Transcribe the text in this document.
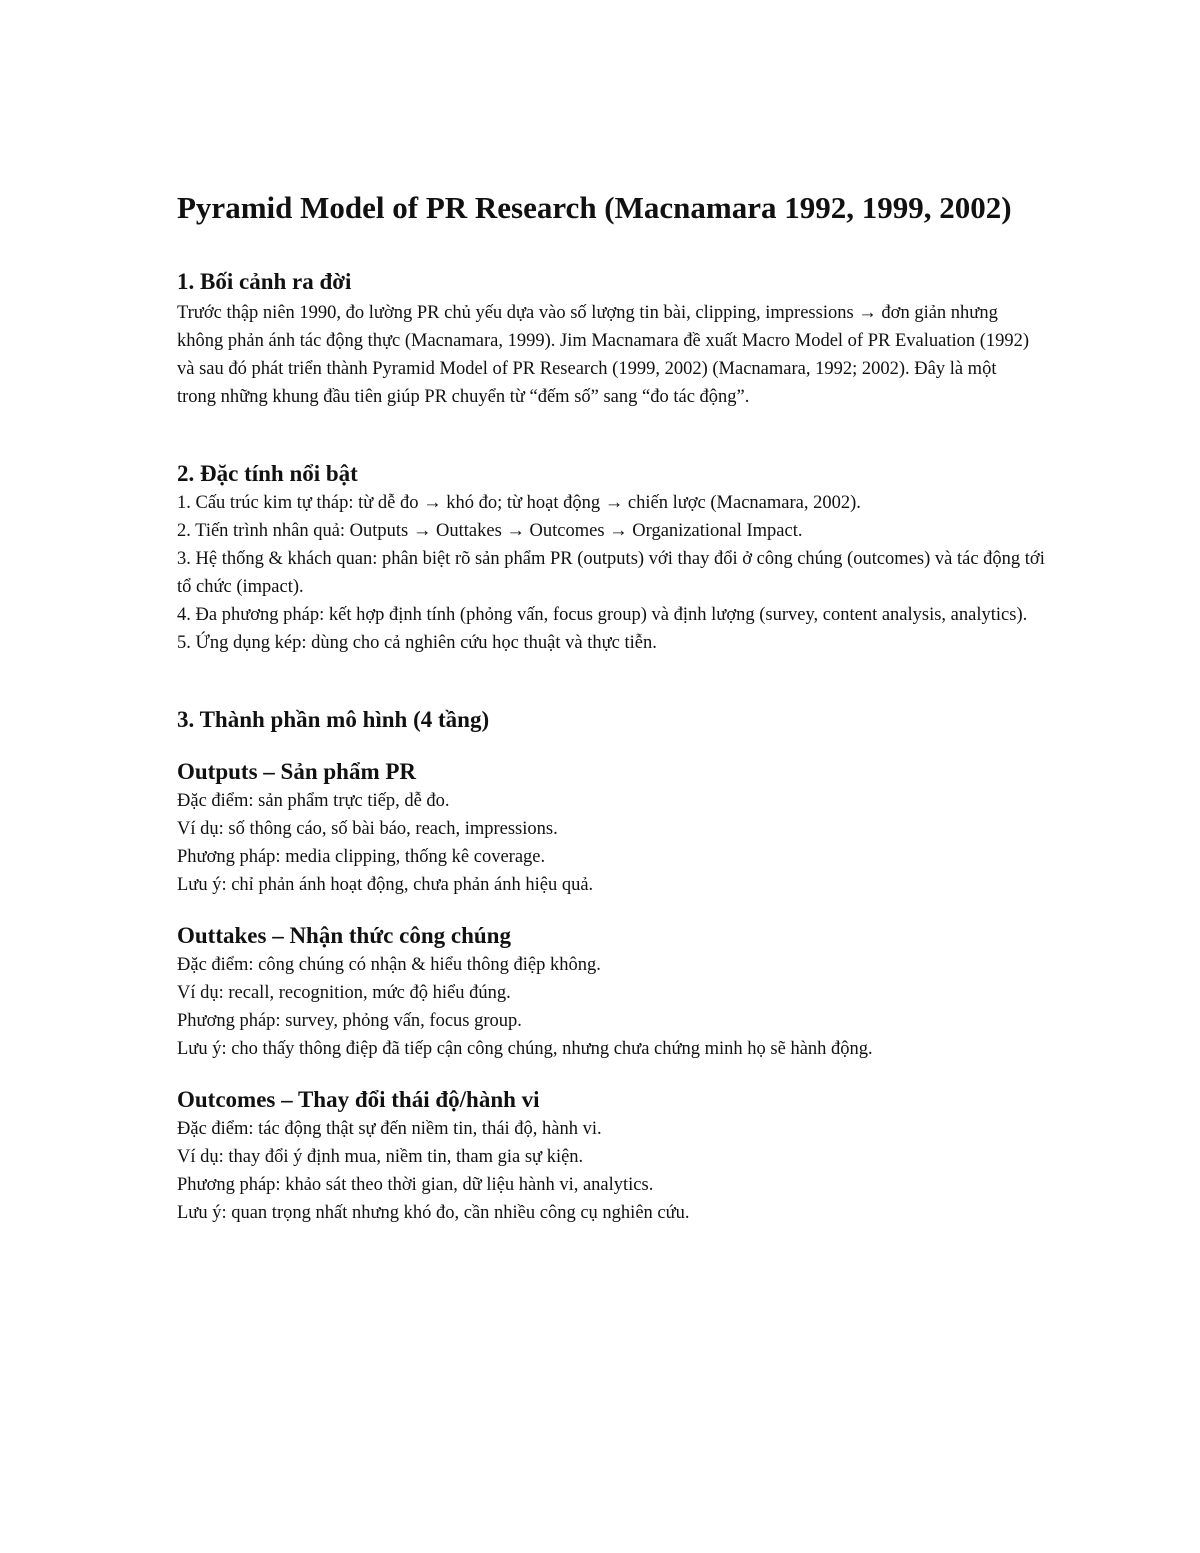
Pyramid Model of PR Research (Macnamara 1992, 1999, 2002)
1. Bối cảnh ra đời

Trước thập niên 1990, đo lường PR chủ yếu dựa vào số lượng tin bài, clipping, impressions → đơn giản nhưng không phản ánh tác động thực (Macnamara, 1999). Jim Macnamara đề xuất Macro Model of PR Evaluation (1992) và sau đó phát triển thành Pyramid Model of PR Research (1999, 2002) (Macnamara, 1992; 2002). Đây là một trong những khung đầu tiên giúp PR chuyển từ “đếm số” sang “đo tác động”.

2. Đặc tính nổi bật

1. Cấu trúc kim tự tháp: từ dễ đo → khó đo; từ hoạt động → chiến lược (Macnamara, 2002).

2. Tiến trình nhân quả: Outputs → Outtakes → Outcomes → Organizational Impact.

3. Hệ thống & khách quan: phân biệt rõ sản phẩm PR (outputs) với thay đổi ở công chúng (outcomes) và tác động tới tổ chức (impact).

4. Đa phương pháp: kết hợp định tính (phỏng vấn, focus group) và định lượng (survey, content analysis, analytics).

5. Ứng dụng kép: dùng cho cả nghiên cứu học thuật và thực tiễn.

3. Thành phần mô hình (4 tầng)
Outputs – Sản phẩm PR

Đặc điểm: sản phẩm trực tiếp, dễ đo.

Ví dụ: số thông cáo, số bài báo, reach, impressions.

Phương pháp: media clipping, thống kê coverage.

Lưu ý: chỉ phản ánh hoạt động, chưa phản ánh hiệu quả.

Outtakes – Nhận thức công chúng

Đặc điểm: công chúng có nhận & hiểu thông điệp không.

Ví dụ: recall, recognition, mức độ hiểu đúng.

Phương pháp: survey, phỏng vấn, focus group.

Lưu ý: cho thấy thông điệp đã tiếp cận công chúng, nhưng chưa chứng minh họ sẽ hành động.

Outcomes – Thay đổi thái độ/hành vi

Đặc điểm: tác động thật sự đến niềm tin, thái độ, hành vi.

Ví dụ: thay đổi ý định mua, niềm tin, tham gia sự kiện.

Phương pháp: khảo sát theo thời gian, dữ liệu hành vi, analytics.

Lưu ý: quan trọng nhất nhưng khó đo, cần nhiều công cụ nghiên cứu.
